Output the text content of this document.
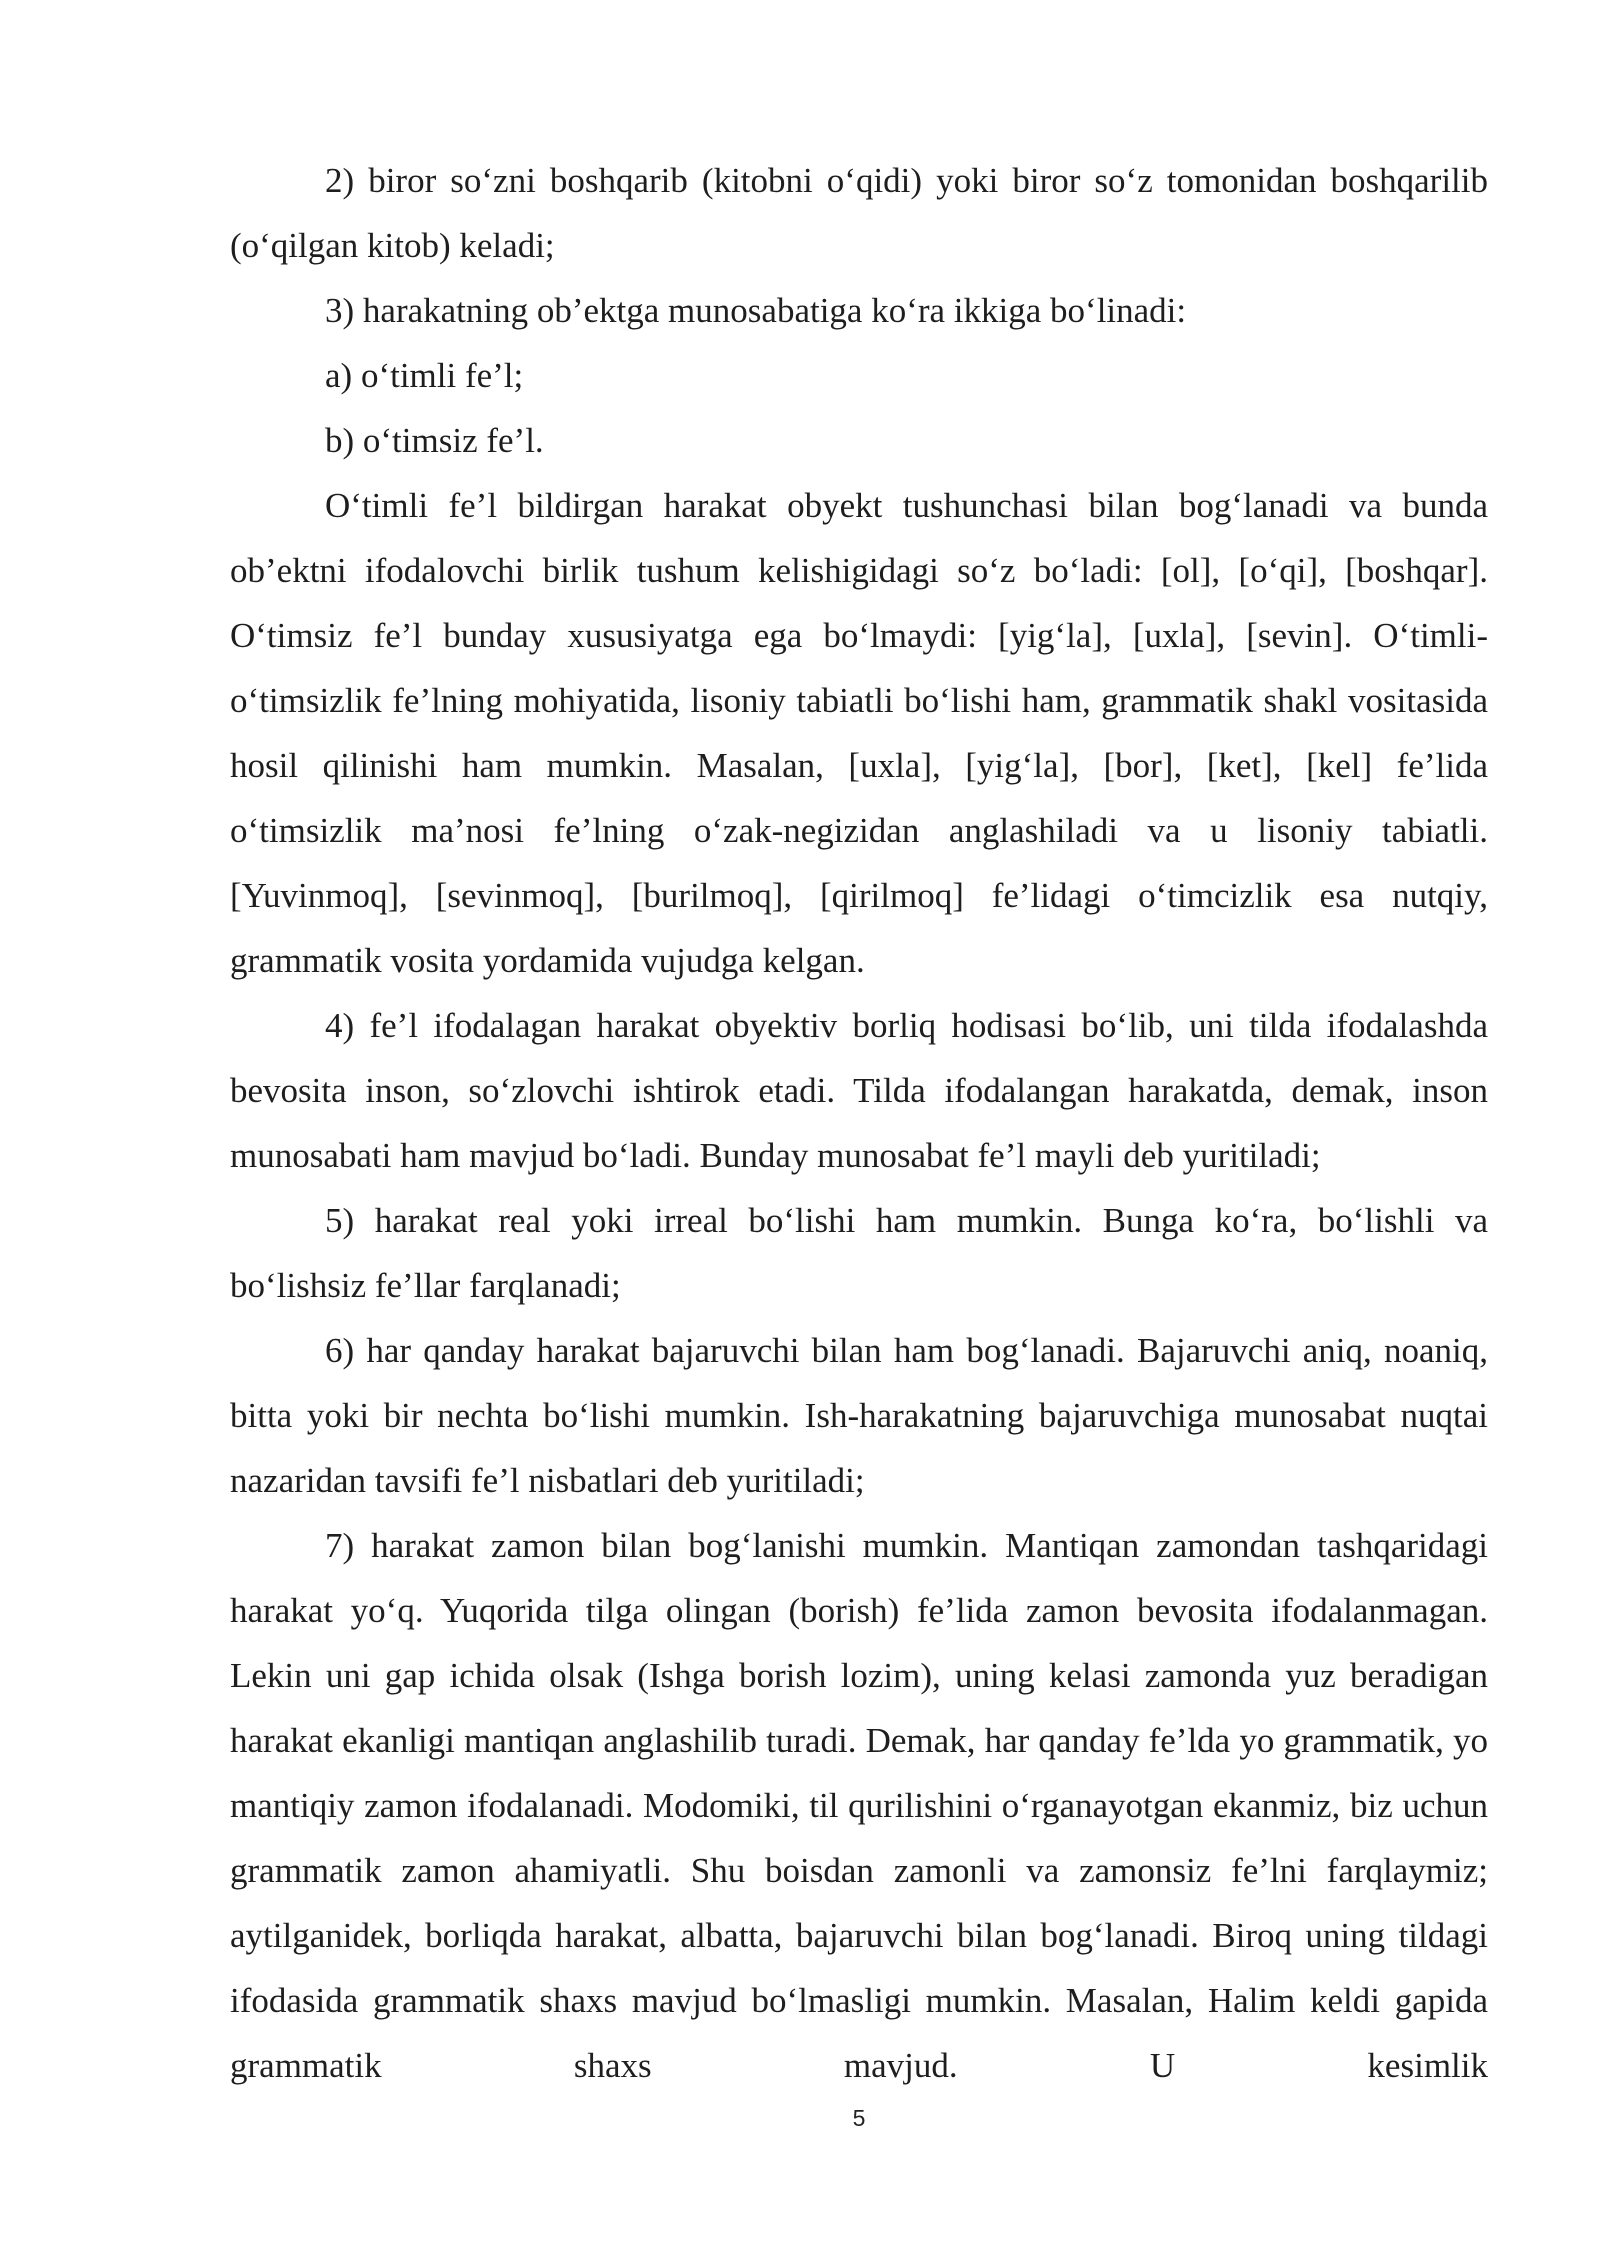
2) biror so‘zni boshqarib (kitobni o‘qidi) yoki biror so‘z tomonidan boshqarilib (o‘qilgan kitob) keladi;

3) harakatning ob’ektga munosabatiga ko‘ra ikkiga bo‘linadi:

a) o‘timli fe’l;

b) o‘timsiz fe’l.

O‘timli fe’l bildirgan harakat obyekt tushunchasi bilan bog‘lanadi va bunda ob’ektni ifodalovchi birlik tushum kelishigidagi so‘z bo‘ladi: [ol], [o‘qi], [boshqar]. O‘timsiz fe’l bunday xususiyatga ega bo‘lmaydi: [yig‘la], [uxla], [sevin]. O‘timli-o‘timsizlik fe’lning mohiyatida, lisoniy tabiatli bo‘lishi ham, grammatik shakl vositasida hosil qilinishi ham mumkin. Masalan, [uxla], [yig‘la], [bor], [ket], [kel] fe’lida o‘timsizlik ma’nosi fe’lning o‘zak-negizidan anglashiladi va u lisoniy tabiatli. [Yuvinmoq], [sevinmoq], [burilmoq], [qirilmoq] fe’lidagi o‘timcizlik esa nutqiy, grammatik vosita yordamida vujudga kelgan.

4) fe’l ifodalagan harakat obyektiv borliq hodisasi bo‘lib, uni tilda ifodalashda bevosita inson, so‘zlovchi ishtirok etadi. Tilda ifodalangan harakatda, demak, inson munosabati ham mavjud bo‘ladi. Bunday munosabat fe’l mayli deb yuritiladi;

5) harakat real yoki irreal bo‘lishi ham mumkin. Bunga ko‘ra, bo‘lishli va bo‘lishsiz fe’llar farqlanadi;

6) har qanday harakat bajaruvchi bilan ham bog‘lanadi. Bajaruvchi aniq, noaniq, bitta yoki bir nechta bo‘lishi mumkin. Ish-harakatning bajaruvchiga munosabat nuqtai nazaridan tavsifi fe’l nisbatlari deb yuritiladi;

7) harakat zamon bilan bog‘lanishi mumkin. Mantiqan zamondan tashqaridagi harakat yo‘q. Yuqorida tilga olingan (borish) fe’lida zamon bevosita ifodalanmagan. Lekin uni gap ichida olsak (Ishga borish lozim), uning kelasi zamonda yuz beradigan harakat ekanligi mantiqan anglashilib turadi. Demak, har qanday fe’lda yo grammatik, yo mantiqiy zamon ifodalanadi. Modomiki, til qurilishini o‘rganayotgan ekanmiz, biz uchun grammatik zamon ahamiyatli. Shu boisdan zamonli va zamonsiz fe’lni farqlaymiz; aytilganidek, borliqda harakat, albatta, bajaruvchi bilan bog‘lanadi. Biroq uning tildagi ifodasida grammatik shaxs mavjud bo‘lmasligi mumkin. Masalan, Halim keldi gapida grammatik shaxs mavjud. U kesimlik

5
